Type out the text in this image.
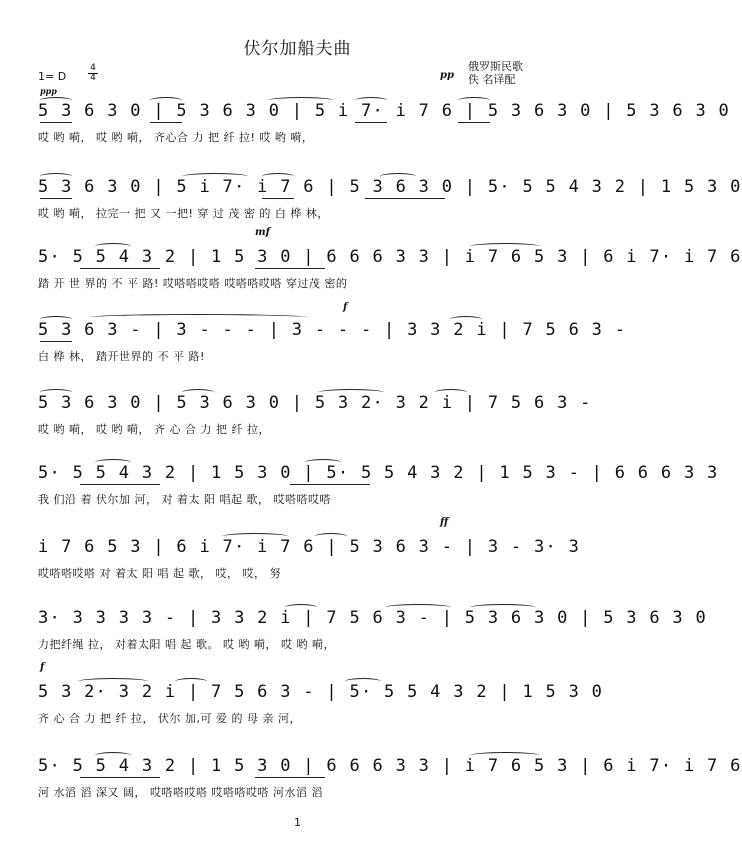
伏尔加船夫曲
俄罗斯民歌
佚 名译配
1= D
4
4	pp
ppp
mf
f
ff
f
5 3 6 3 0 | 5 3 6 3 0 | 5 i 7· i 7 6 | 5 3 6 3 0 | 5 3 6 3 0
哎 哟 嗬， 哎 哟 嗬， 齐心合 力 把 纤 拉! 哎 哟 嗬，
5 3 6 3 0 | 5 i 7· i 7 6 | 5 3 6 3 0 | 5· 5 5 4 3 2 | 1 5 3 0
哎 哟 嗬， 拉完一 把 又 一把! 穿 过 茂 密 的 白 桦 林，
5· 5 5 4 3 2 | 1 5 3 0 | 6 6 6 3 3 | i 7 6 5 3 | 6 i 7· i 7 6
踏 开 世 界的 不 平 路! 哎嗒嗒哎嗒 哎嗒嗒哎嗒 穿过茂 密的
5 3 6 3 - | 3 - - - | 3 - - - | 3 3 2 i | 7 5 6 3 -
白 桦 林， 踏开世界的 不 平 路!
5 3 6 3 0 | 5 3 6 3 0 | 5 3 2· 3 2 i | 7 5 6 3 -
哎 哟 嗬， 哎 哟 嗬， 齐 心 合 力 把 纤 拉，
5· 5 5 4 3 2 | 1 5 3 0 | 5· 5 5 4 3 2 | 1 5 3 - | 6 6 6 3 3
我 们沿 着 伏尔加 河， 对 着太 阳 唱起 歌， 哎嗒嗒哎嗒
i 7 6 5 3 | 6 i 7· i 7 6 | 5 3 6 3 - | 3 - 3· 3
哎嗒嗒哎嗒 对 着太 阳 唱 起 歌， 哎， 哎， 努
3· 3 3 3 3 - | 3 3 2 i | 7 5 6 3 - | 5 3 6 3 0 | 5 3 6 3 0
力把纤绳 拉， 对着太阳 唱 起 歌。 哎 哟 嗬， 哎 哟 嗬，
5 3 2· 3 2 i | 7 5 6 3 - | 5· 5 5 4 3 2 | 1 5 3 0
齐 心 合 力 把 纤 拉， 伏尔 加,可 爱 的 母 亲 河，
5· 5 5 4 3 2 | 1 5 3 0 | 6 6 6 3 3 | i 7 6 5 3 | 6 i 7· i 7 6
河 水滔 滔 深又 阔， 哎嗒嗒哎嗒 哎嗒嗒哎嗒 河水滔 滔
1
